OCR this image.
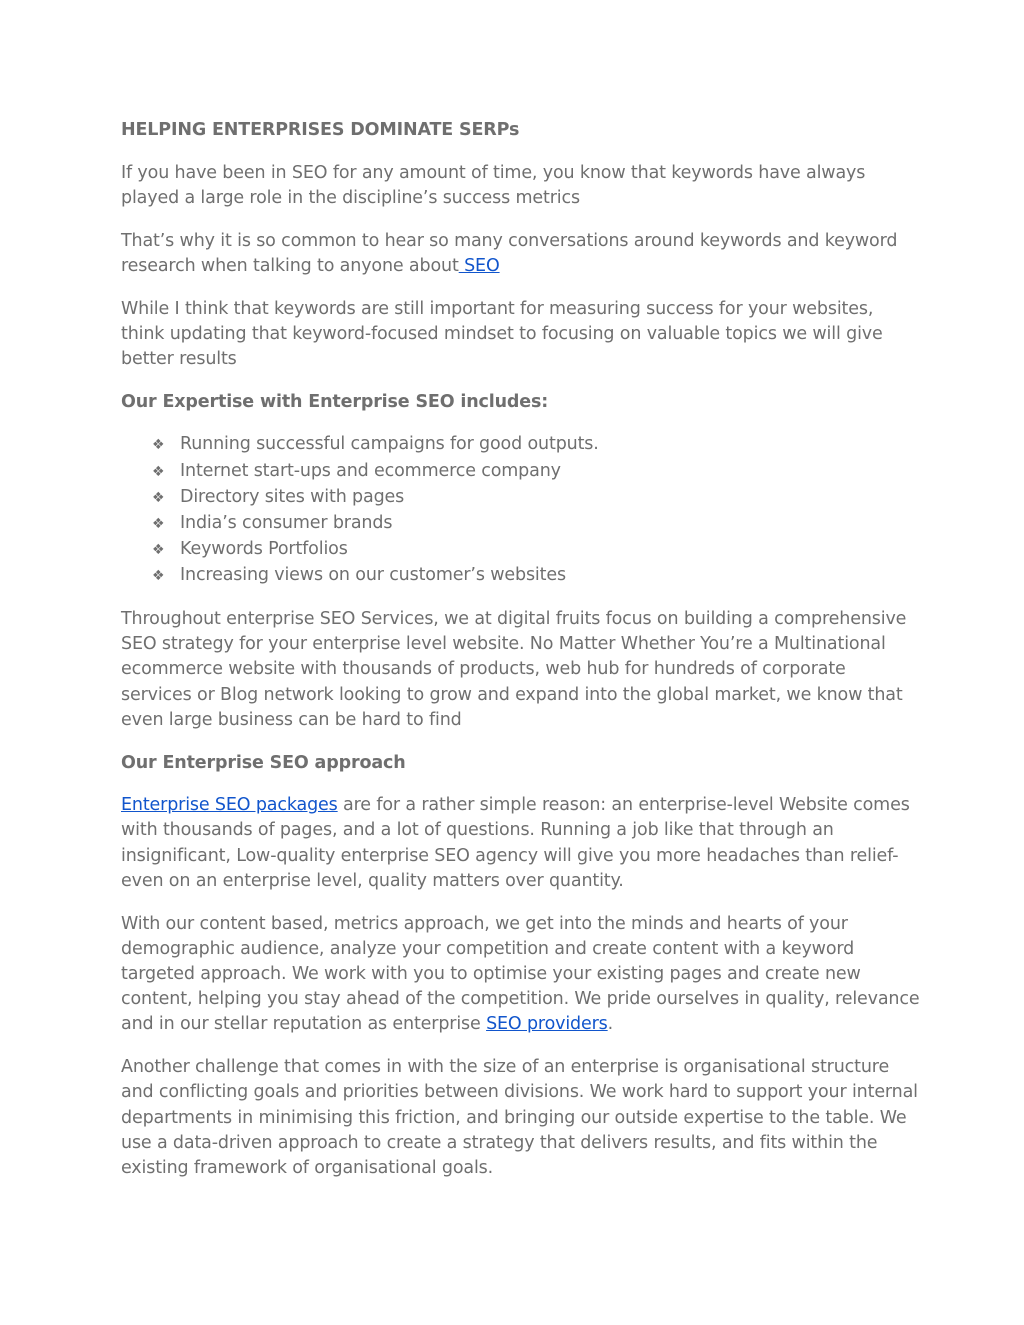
HELPING ENTERPRISES DOMINATE SERPs

If you have been in SEO for any amount of time, you know that keywords have always played a large role in the discipline’s success metrics

That’s why it is so common to hear so many conversations around keywords and keyword research when talking to anyone about SEO

While I think that keywords are still important for measuring success for your websites, think updating that keyword-focused mindset to focusing on valuable topics we will give better results

Our Expertise with Enterprise SEO includes:

❖ Running successful campaigns for good outputs.
❖ Internet start-ups and ecommerce company
❖ Directory sites with pages
❖ India’s consumer brands
❖ Keywords Portfolios
❖ Increasing views on our customer’s websites

Throughout enterprise SEO Services, we at digital fruits focus on building a comprehensive SEO strategy for your enterprise level website. No Matter Whether You’re a Multinational ecommerce website with thousands of products, web hub for hundreds of corporate services or Blog network looking to grow and expand into the global market, we know that even large business can be hard to find

Our Enterprise SEO approach

Enterprise SEO packages are for a rather simple reason: an enterprise-level Website comes with thousands of pages, and a lot of questions. Running a job like that through an insignificant, Low-quality enterprise SEO agency will give you more headaches than relief- even on an enterprise level, quality matters over quantity.

With our content based, metrics approach, we get into the minds and hearts of your demographic audience, analyze your competition and create content with a keyword targeted approach. We work with you to optimise your existing pages and create new content, helping you stay ahead of the competition. We pride ourselves in quality, relevance and in our stellar reputation as enterprise SEO providers.

Another challenge that comes in with the size of an enterprise is organisational structure and conflicting goals and priorities between divisions. We work hard to support your internal departments in minimising this friction, and bringing our outside expertise to the table. We use a data-driven approach to create a strategy that delivers results, and fits within the existing framework of organisational goals.
